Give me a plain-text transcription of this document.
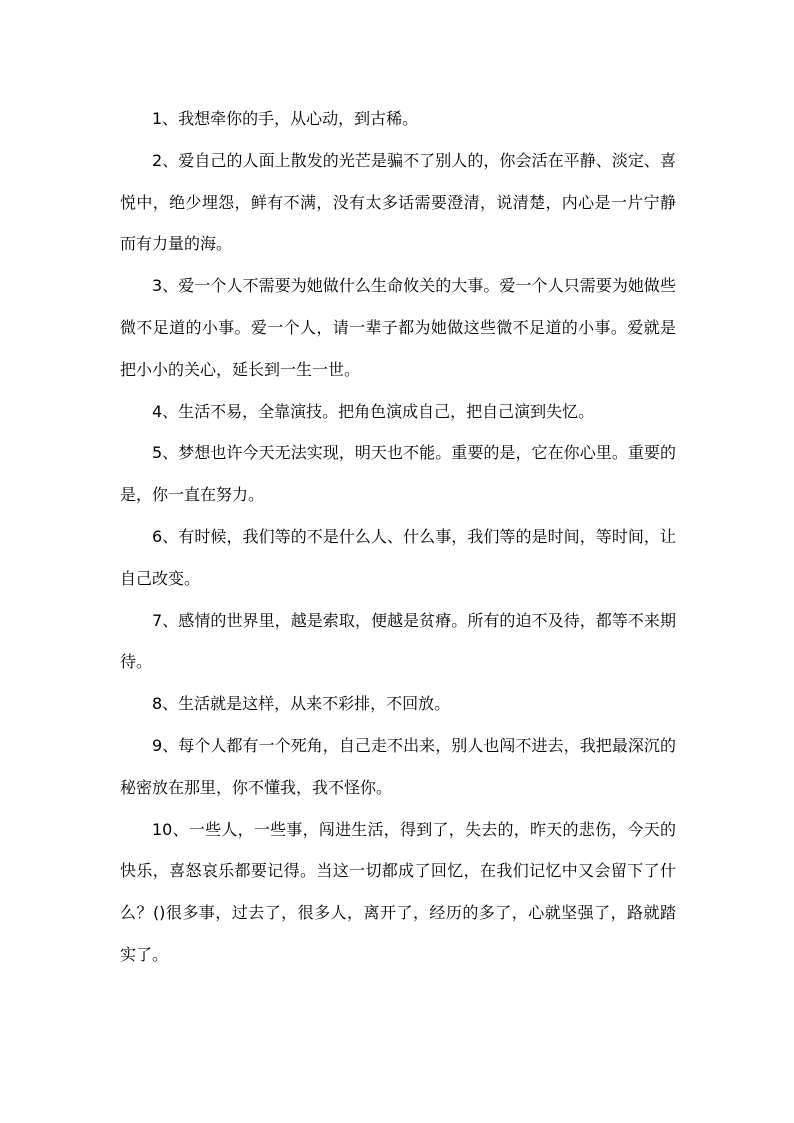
1、我想牵你的手，从心动，到古稀。

2、爱自己的人面上散发的光芒是骗不了别人的，你会活在平静、淡定、喜悦中，绝少埋怨，鲜有不满，没有太多话需要澄清，说清楚，内心是一片宁静而有力量的海。

3、爱一个人不需要为她做什么生命攸关的大事。爱一个人只需要为她做些微不足道的小事。爱一个人，请一辈子都为她做这些微不足道的小事。爱就是把小小的关心，延长到一生一世。

4、生活不易，全靠演技。把角色演成自己，把自己演到失忆。

5、梦想也许今天无法实现，明天也不能。重要的是，它在你心里。重要的是，你一直在努力。

6、有时候，我们等的不是什么人、什么事，我们等的是时间，等时间，让自己改变。

7、感情的世界里，越是索取，便越是贫瘠。所有的迫不及待，都等不来期待。

8、生活就是这样，从来不彩排，不回放。

9、每个人都有一个死角，自己走不出来，别人也闯不进去，我把最深沉的秘密放在那里，你不懂我，我不怪你。

10、一些人，一些事，闯进生活，得到了，失去的，昨天的悲伤，今天的快乐，喜怒哀乐都要记得。当这一切都成了回忆，在我们记忆中又会留下了什么？()很多事，过去了，很多人，离开了，经历的多了，心就坚强了，路就踏实了。
